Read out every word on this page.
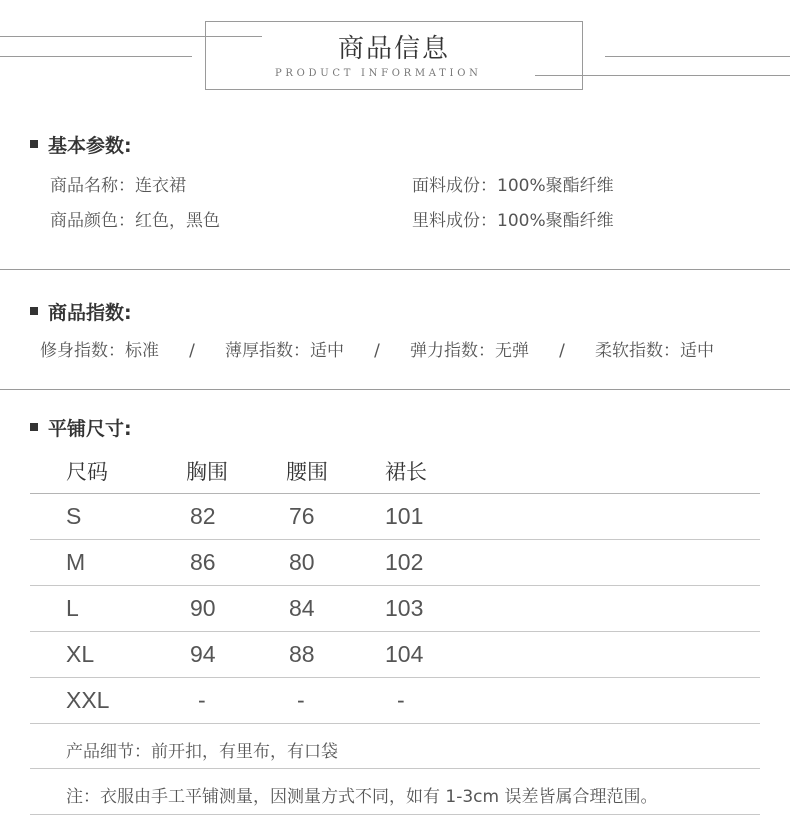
商品信息
PRODUCT INFORMATION
基本参数:
商品名称：连衣裙	面料成份：100%聚酯纤维
商品颜色：红色，黑色	里料成份：100%聚酯纤维
商品指数:
修身指数：标准 / 薄厚指数：适中 / 弹力指数：无弹 / 柔软指数：适中
平铺尺寸:
尺码	胸围	腰围	裙长
S	82	76	101
M	86	80	102
L	90	84	103
XL	94	88	104
XXL	-	-	-
产品细节：前开扣，有里布，有口袋
注：衣服由手工平铺测量，因测量方式不同，如有 1-3cm 误差皆属合理范围。
